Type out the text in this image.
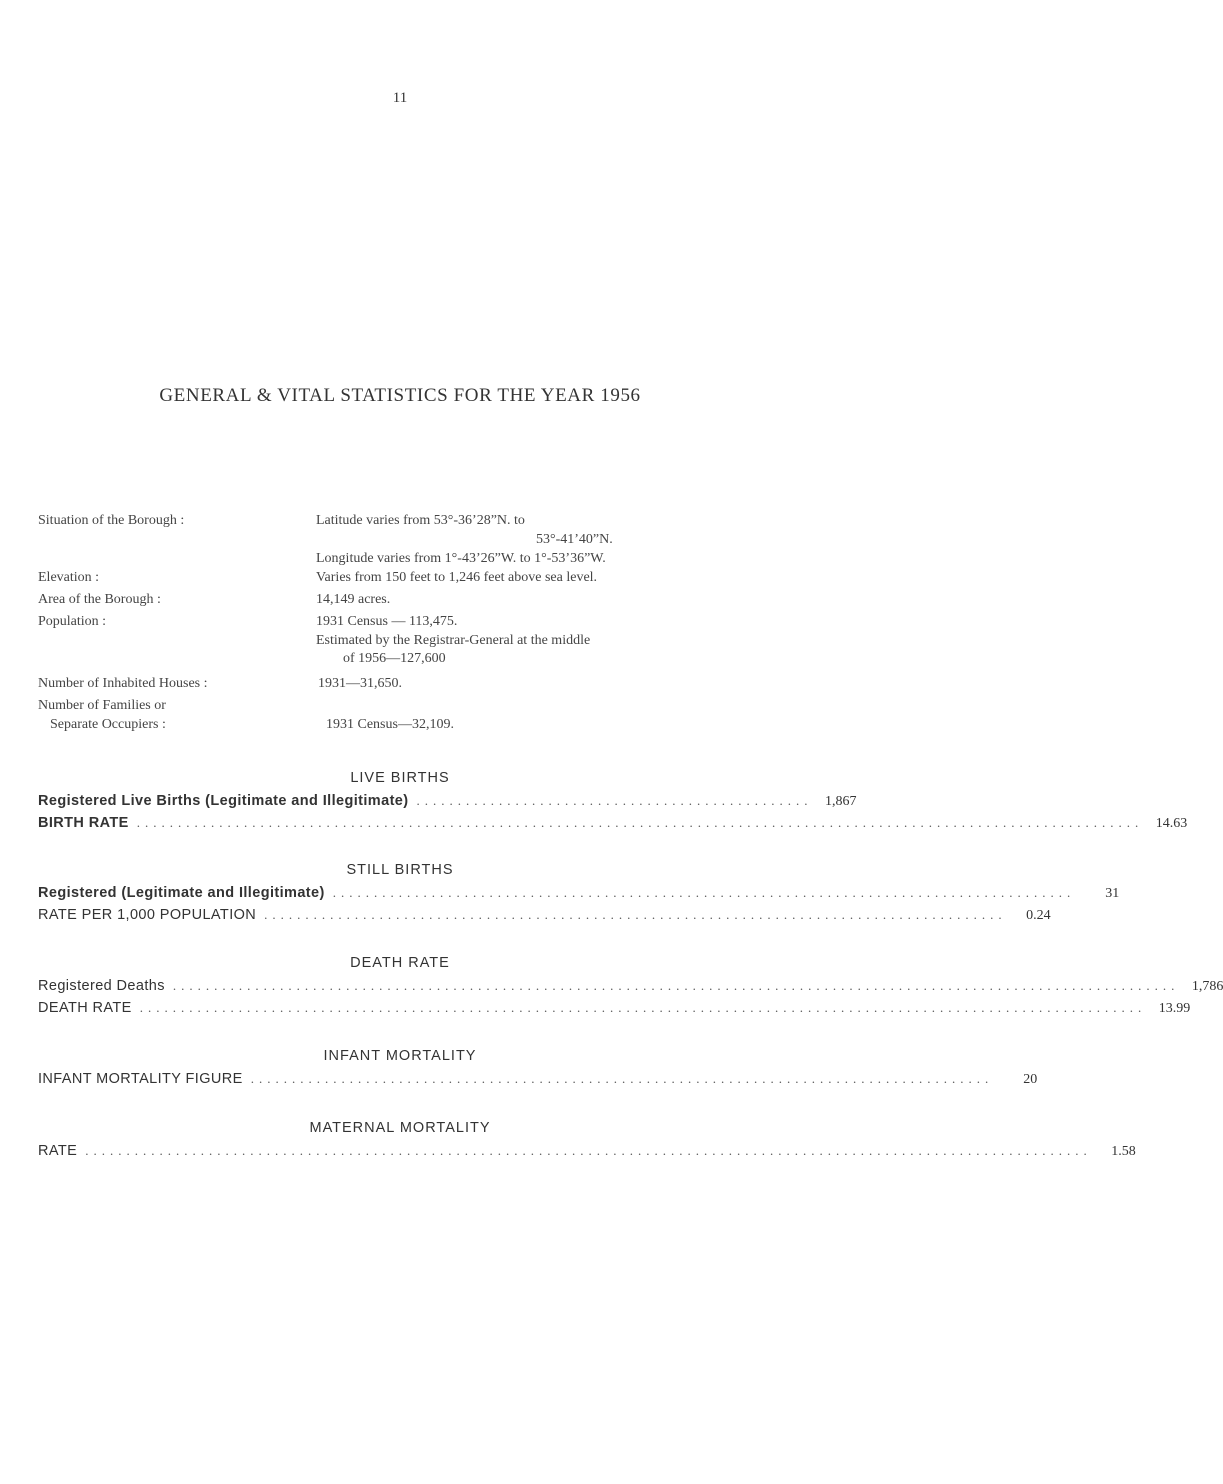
11
GENERAL & VITAL STATISTICS FOR THE YEAR 1956
Situation of the Borough :	Latitude varies from 53°-36’28”N. to
53°-41’40”N.
Longitude varies from 1°-43’26”W. to 1°-53’36”W.
Elevation :	Varies from 150 feet to 1,246 feet above sea level.
Area of the Borough :	14,149 acres.
Population :	1931 Census — 113,475.
Estimated by the Registrar-General at the middle
of 1956—127,600
Number of Inhabited Houses :	1931—31,650.
Number of Families or
Separate Occupiers :	1931 Census—32,109.
LIVE BIRTHS
Registered Live Births (Legitimate and Illegitimate) ................................................ 1,867
BIRTH RATE .......................................................................................................................... 14.63
STILL BIRTHS
Registered (Legitimate and Illegitimate) ..........................................................................................	31
RATE PER 1,000 POPULATION ..........................................................................................	0.24
DEATH RATE
Registered Deaths .......................................................................................................................... 1,786
DEATH RATE .......................................................................................................................... 13.99
INFANT MORTALITY
INFANT MORTALITY FIGURE ..........................................................................................	20
MATERNAL MORTALITY
RATE ..........................................................................................................................	1.58
